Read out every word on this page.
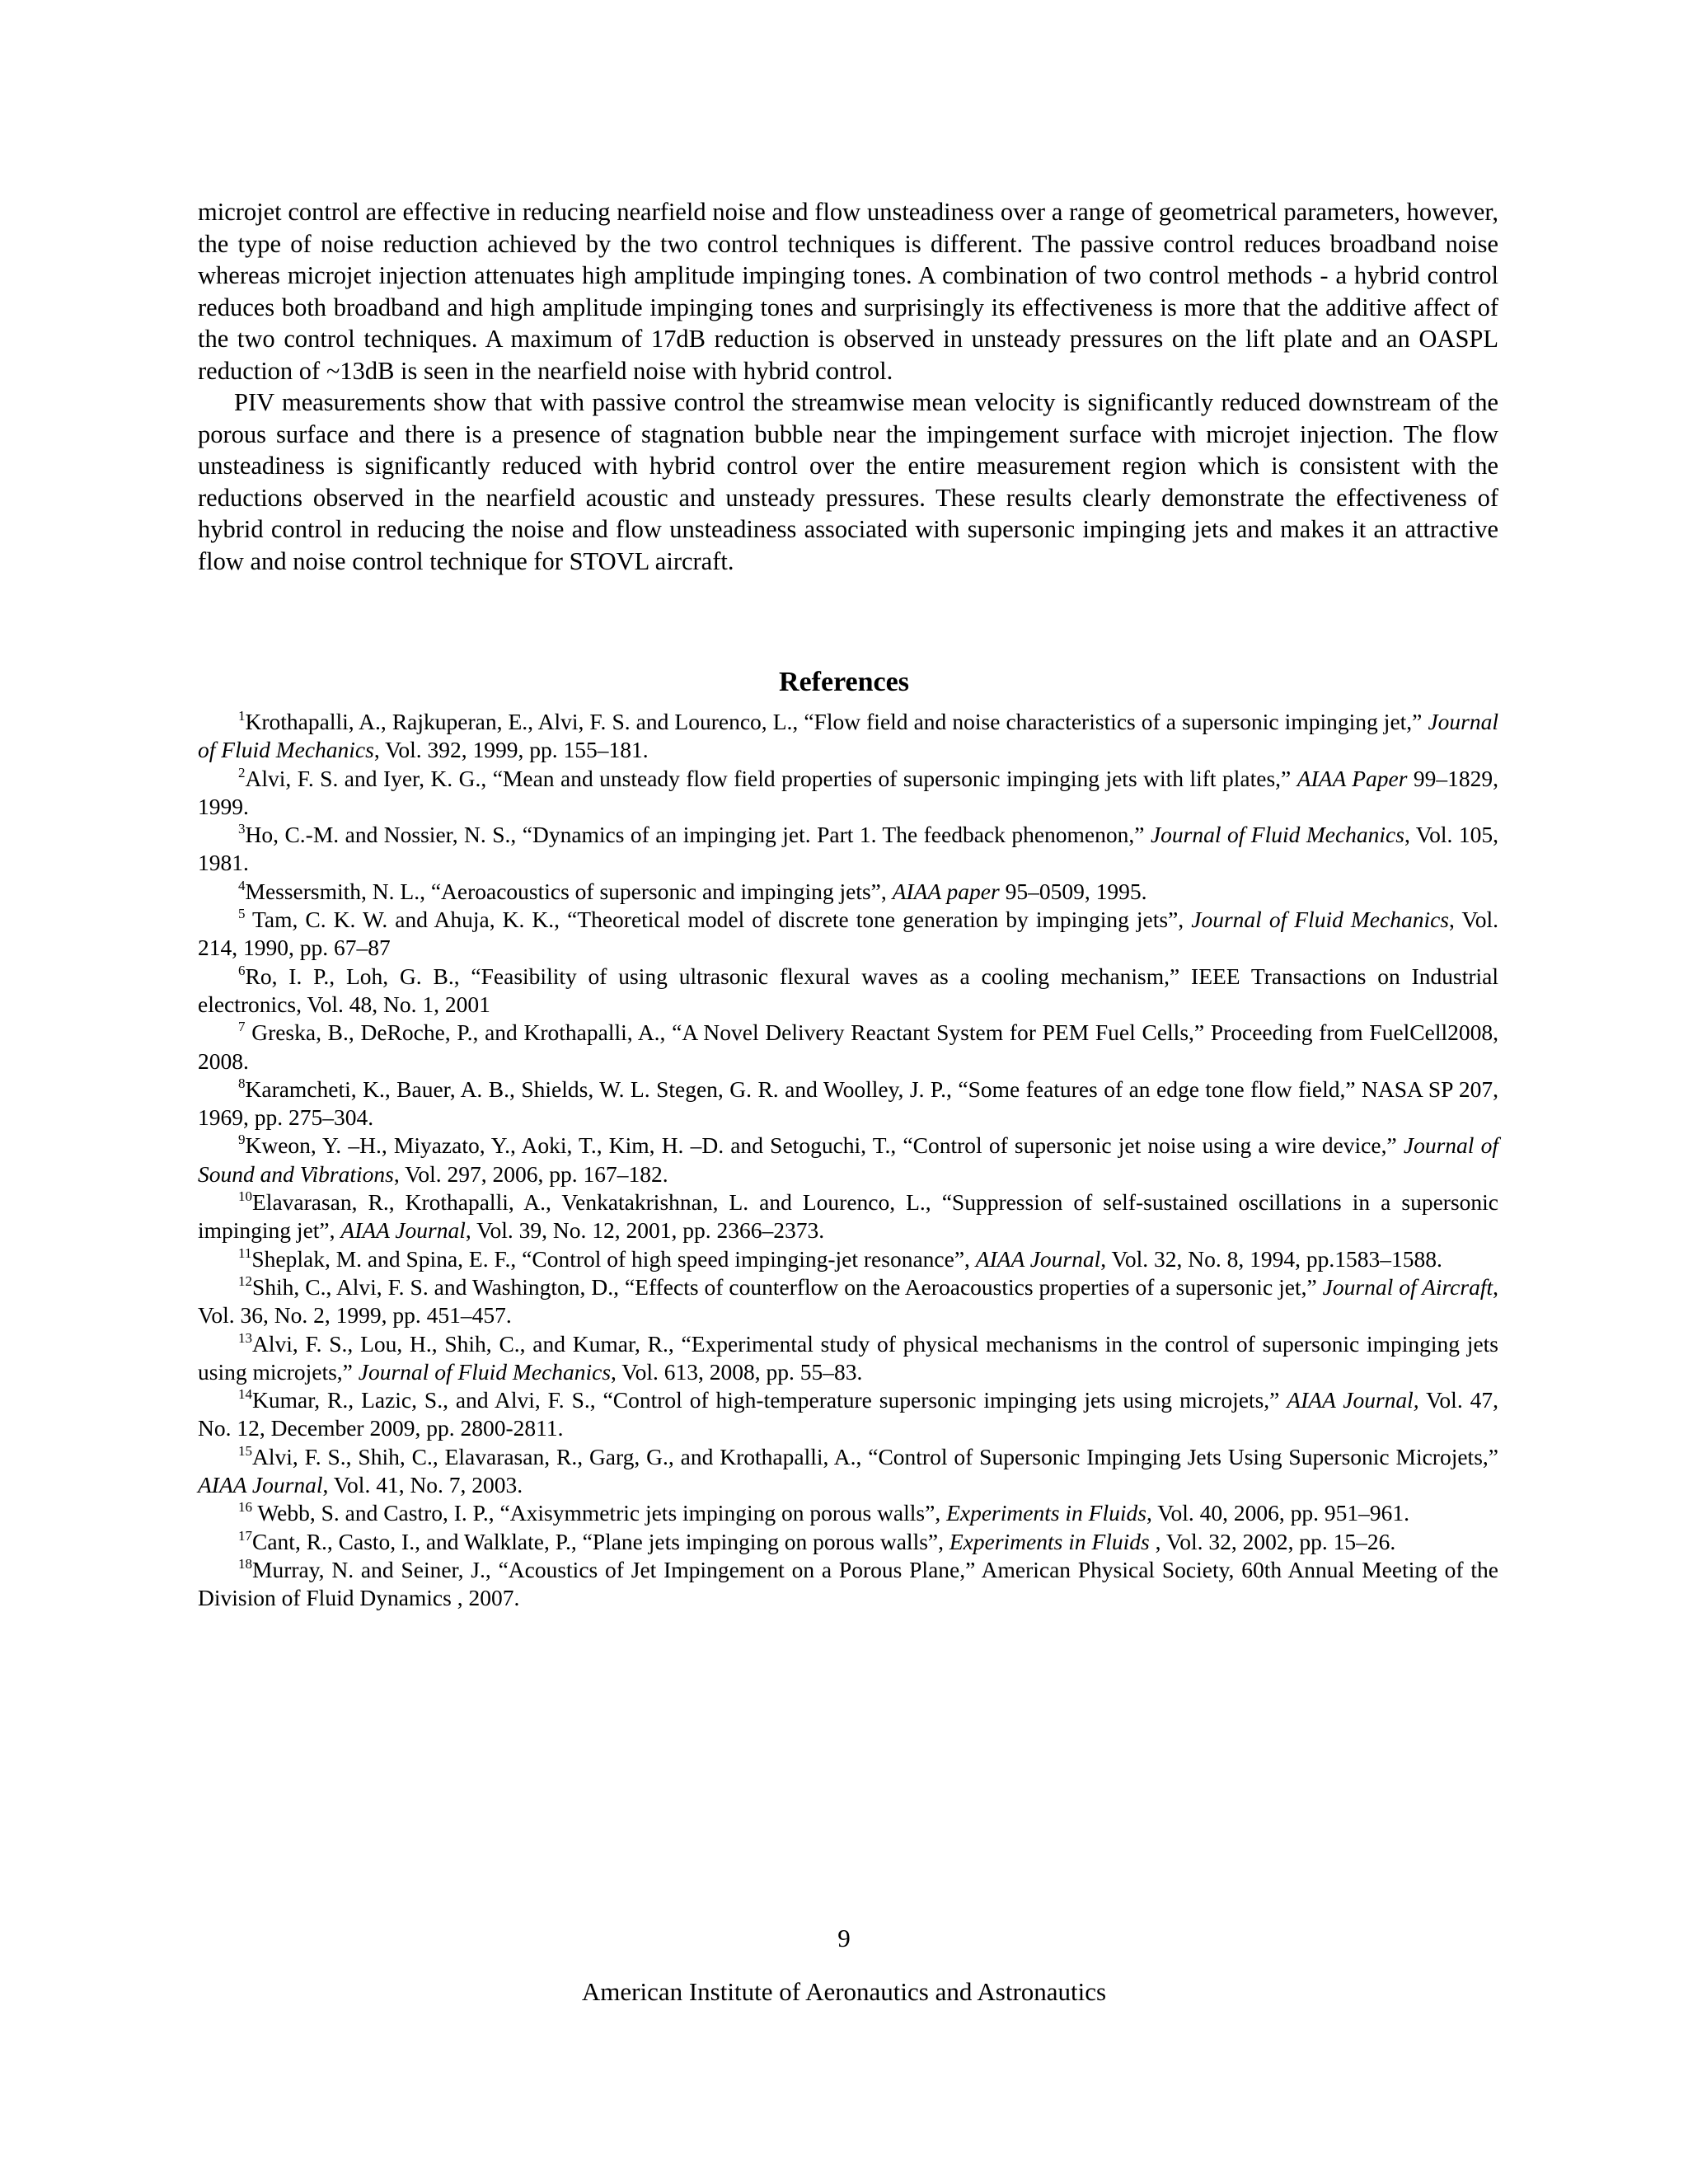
microjet control are effective in reducing nearfield noise and flow unsteadiness over a range of geometrical parameters, however, the type of noise reduction achieved by the two control techniques is different. The passive control reduces broadband noise whereas microjet injection attenuates high amplitude impinging tones. A combination of two control methods - a hybrid control reduces both broadband and high amplitude impinging tones and surprisingly its effectiveness is more that the additive affect of the two control techniques. A maximum of 17dB reduction is observed in unsteady pressures on the lift plate and an OASPL reduction of ~13dB is seen in the nearfield noise with hybrid control.

PIV measurements show that with passive control the streamwise mean velocity is significantly reduced downstream of the porous surface and there is a presence of stagnation bubble near the impingement surface with microjet injection. The flow unsteadiness is significantly reduced with hybrid control over the entire measurement region which is consistent with the reductions observed in the nearfield acoustic and unsteady pressures. These results clearly demonstrate the effectiveness of hybrid control in reducing the noise and flow unsteadiness associated with supersonic impinging jets and makes it an attractive flow and noise control technique for STOVL aircraft.

References

$^1$Krothapalli, A., Rajkuperan, E., Alvi, F. S. and Lourenco, L., “Flow field and noise characteristics of a supersonic impinging jet,” Journal of Fluid Mechanics, Vol. 392, 1999, pp. 155–181.

$^2$Alvi, F. S. and Iyer, K. G., “Mean and unsteady flow field properties of supersonic impinging jets with lift plates,” AIAA Paper 99–1829, 1999.

$^3$Ho, C.-M. and Nossier, N. S., “Dynamics of an impinging jet. Part 1. The feedback phenomenon,” Journal of Fluid Mechanics, Vol. 105, 1981.

$^4$Messersmith, N. L., “Aeroacoustics of supersonic and impinging jets”, AIAA paper 95–0509, 1995.

$^5$ Tam, C. K. W. and Ahuja, K. K., “Theoretical model of discrete tone generation by impinging jets”, Journal of Fluid Mechanics, Vol. 214, 1990, pp. 67–87

$^6$Ro, I. P., Loh, G. B., “Feasibility of using ultrasonic flexural waves as a cooling mechanism,” IEEE Transactions on Industrial electronics, Vol. 48, No. 1, 2001

$^7$ Greska, B., DeRoche, P., and Krothapalli, A., “A Novel Delivery Reactant System for PEM Fuel Cells,” Proceeding from FuelCell2008, 2008.

$^8$Karamcheti, K., Bauer, A. B., Shields, W. L. Stegen, G. R. and Woolley, J. P., “Some features of an edge tone flow field,” NASA SP 207, 1969, pp. 275–304.

$^9$Kweon, Y. –H., Miyazato, Y., Aoki, T., Kim, H. –D. and Setoguchi, T., “Control of supersonic jet noise using a wire device,” Journal of Sound and Vibrations, Vol. 297, 2006, pp. 167–182.

$^{10}$Elavarasan, R., Krothapalli, A., Venkatakrishnan, L. and Lourenco, L., “Suppression of self-sustained oscillations in a supersonic impinging jet”, AIAA Journal, Vol. 39, No. 12, 2001, pp. 2366–2373.

$^{11}$Sheplak, M. and Spina, E. F., “Control of high speed impinging-jet resonance”, AIAA Journal, Vol. 32, No. 8, 1994, pp.1583–1588.

$^{12}$Shih, C., Alvi, F. S. and Washington, D., “Effects of counterflow on the Aeroacoustics properties of a supersonic jet,” Journal of Aircraft, Vol. 36, No. 2, 1999, pp. 451–457.

$^{13}$Alvi, F. S., Lou, H., Shih, C., and Kumar, R., “Experimental study of physical mechanisms in the control of supersonic impinging jets using microjets,” Journal of Fluid Mechanics, Vol. 613, 2008, pp. 55–83.

$^{14}$Kumar, R., Lazic, S., and Alvi, F. S., “Control of high-temperature supersonic impinging jets using microjets,” AIAA Journal, Vol. 47, No. 12, December 2009, pp. 2800-2811.

$^{15}$Alvi, F. S., Shih, C., Elavarasan, R., Garg, G., and Krothapalli, A., “Control of Supersonic Impinging Jets Using Supersonic Microjets,” AIAA Journal, Vol. 41, No. 7, 2003.

$^{16}$ Webb, S. and Castro, I. P., “Axisymmetric jets impinging on porous walls”, Experiments in Fluids, Vol. 40, 2006, pp. 951–961.

$^{17}$Cant, R., Casto, I., and Walklate, P., “Plane jets impinging on porous walls”, Experiments in Fluids , Vol. 32, 2002, pp. 15–26.

$^{18}$Murray, N. and Seiner, J., “Acoustics of Jet Impingement on a Porous Plane,” American Physical Society, 60th Annual Meeting of the Division of Fluid Dynamics , 2007.

9
American Institute of Aeronautics and Astronautics
